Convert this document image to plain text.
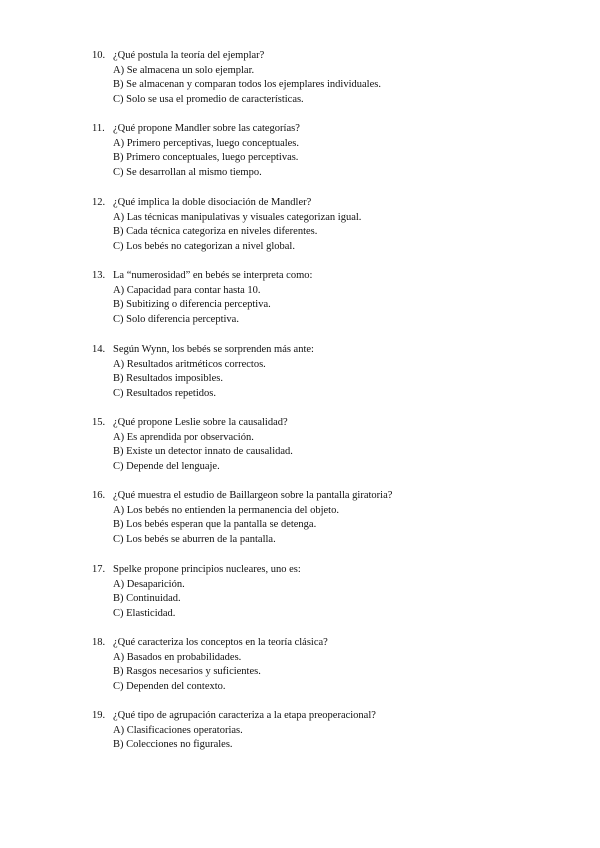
10. ¿Qué postula la teoría del ejemplar?
A) Se almacena un solo ejemplar.
B) Se almacenan y comparan todos los ejemplares individuales.
C) Solo se usa el promedio de características.
11. ¿Qué propone Mandler sobre las categorías?
A) Primero perceptivas, luego conceptuales.
B) Primero conceptuales, luego perceptivas.
C) Se desarrollan al mismo tiempo.
12. ¿Qué implica la doble disociación de Mandler?
A) Las técnicas manipulativas y visuales categorizan igual.
B) Cada técnica categoriza en niveles diferentes.
C) Los bebés no categorizan a nivel global.
13. La “numerosidad” en bebés se interpreta como:
A) Capacidad para contar hasta 10.
B) Subitizing o diferencia perceptiva.
C) Solo diferencia perceptiva.
14. Según Wynn, los bebés se sorprenden más ante:
A) Resultados aritméticos correctos.
B) Resultados imposibles.
C) Resultados repetidos.
15. ¿Qué propone Leslie sobre la causalidad?
A) Es aprendida por observación.
B) Existe un detector innato de causalidad.
C) Depende del lenguaje.
16. ¿Qué muestra el estudio de Baillargeon sobre la pantalla giratoria?
A) Los bebés no entienden la permanencia del objeto.
B) Los bebés esperan que la pantalla se detenga.
C) Los bebés se aburren de la pantalla.
17. Spelke propone principios nucleares, uno es:
A) Desaparición.
B) Continuidad.
C) Elasticidad.
18. ¿Qué caracteriza los conceptos en la teoría clásica?
A) Basados en probabilidades.
B) Rasgos necesarios y suficientes.
C) Dependen del contexto.
19. ¿Qué tipo de agrupación caracteriza a la etapa preoperacional?
A) Clasificaciones operatorias.
B) Colecciones no figurales.
